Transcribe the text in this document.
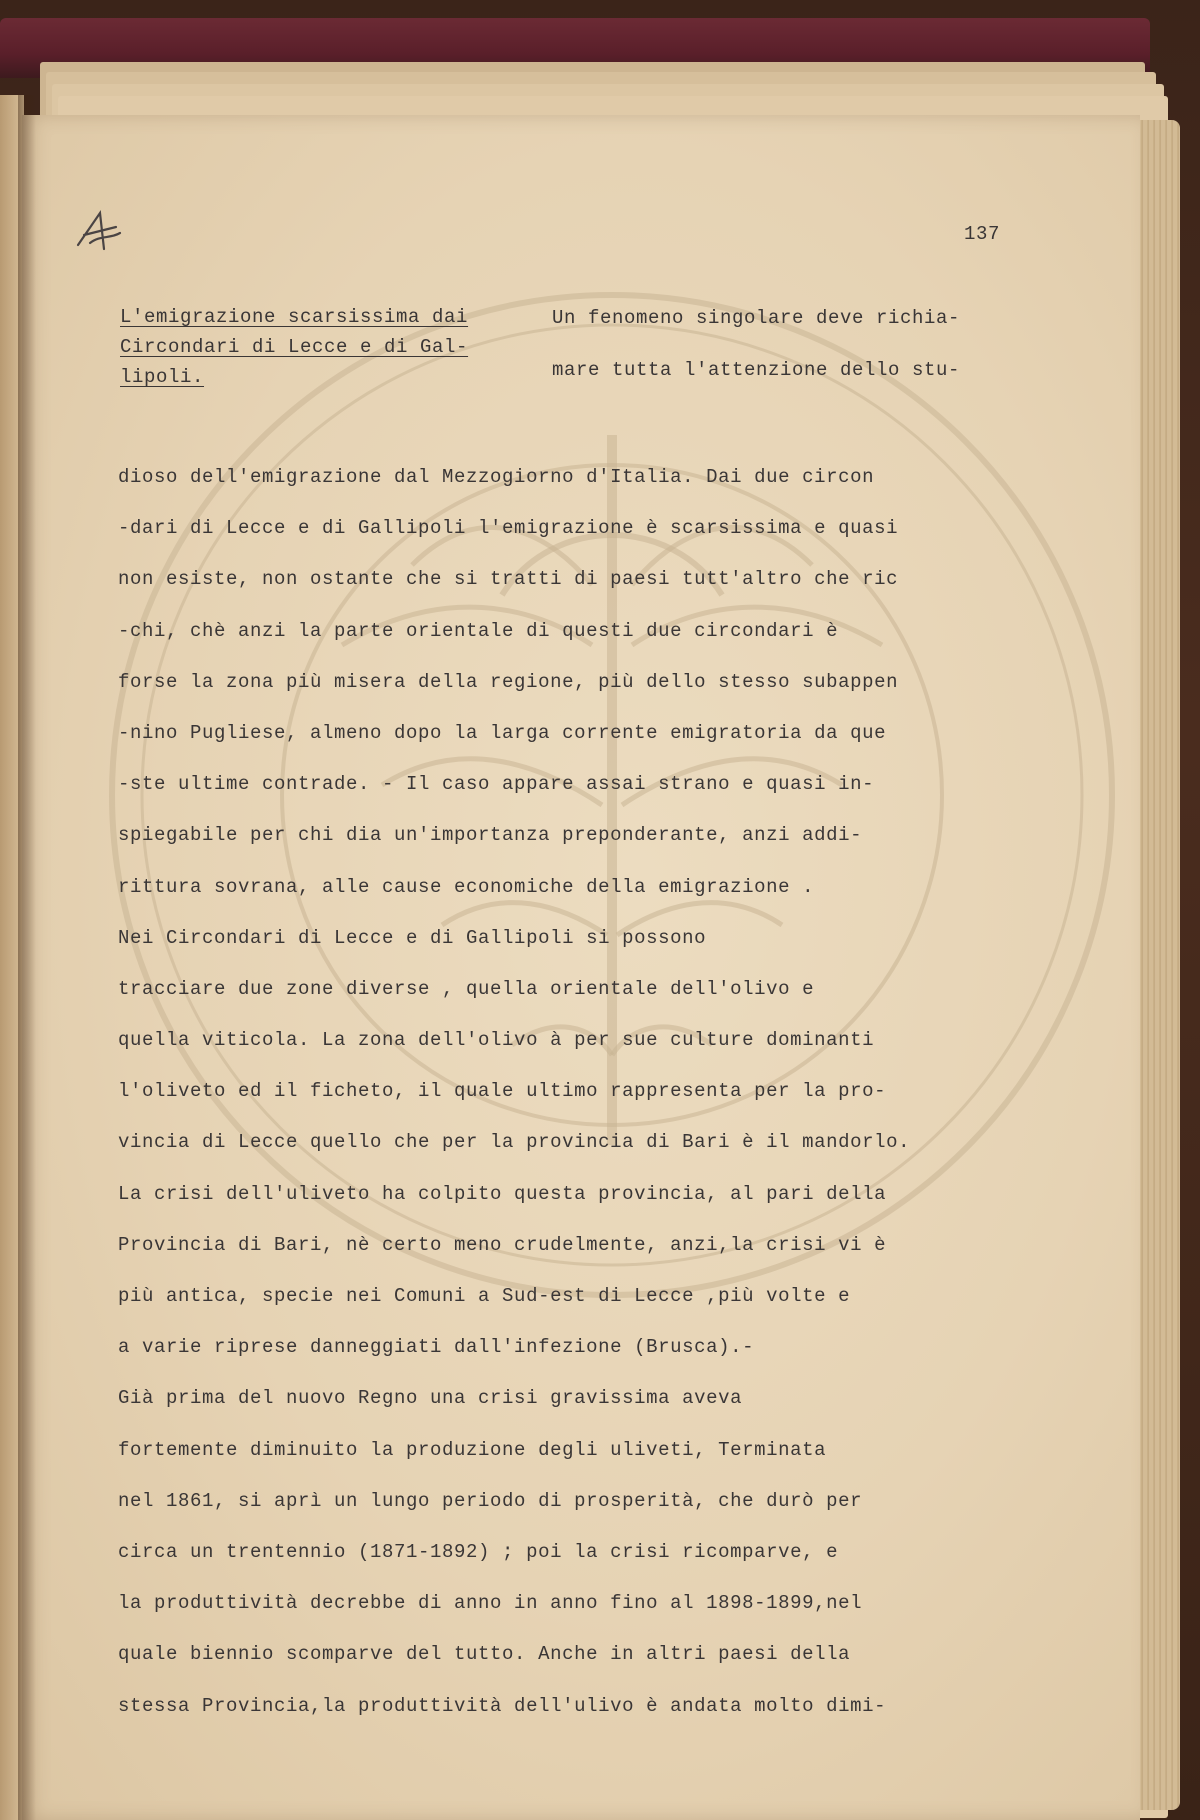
137
L'emigrazione scarsissima dai
Circondari di Lecce e di Gal-
lipoli.
Un fenomeno singolare deve richia-
mare tutta l'attenzione dello stu-
dioso dell'emigrazione dal Mezzogiorno d'Italia. Dai due circon
-dari di Lecce e di Gallipoli l'emigrazione è scarsissima e quasi
non esiste, non ostante che si tratti di paesi tutt'altro che ric
-chi, chè anzi la parte orientale di questi due circondari è
forse la zona più misera della regione, più dello stesso subappen
-nino Pugliese, almeno dopo la larga corrente emigratoria da que
-ste ultime contrade. - Il caso appare assai strano e quasi in-
spiegabile per chi dia un'importanza preponderante, anzi addi-
rittura sovrana, alle cause economiche della emigrazione .
Nei Circondari di Lecce e di Gallipoli si possono
tracciare due zone diverse , quella orientale dell'olivo e
quella viticola. La zona dell'olivo à per sue culture dominanti
l'oliveto ed il ficheto, il quale ultimo rappresenta per la pro-
vincia di Lecce quello che per la provincia di Bari è il mandorlo.
La crisi dell'uliveto ha colpito questa provincia, al pari della
Provincia di Bari, nè certo meno crudelmente, anzi,la crisi vi è
più antica, specie nei Comuni a Sud-est di Lecce ,più volte e
a varie riprese danneggiati dall'infezione (Brusca).-
Già prima del nuovo Regno una crisi gravissima aveva
fortemente diminuito la produzione degli uliveti, Terminata
nel 1861, si aprì un lungo periodo di prosperità, che durò per
circa un trentennio (1871-1892) ; poi la crisi ricomparve, e
la produttività decrebbe di anno in anno fino al 1898-1899,nel
quale biennio scomparve del tutto. Anche in altri paesi della
stessa Provincia,la produttività dell'ulivo è andata molto dimi-
